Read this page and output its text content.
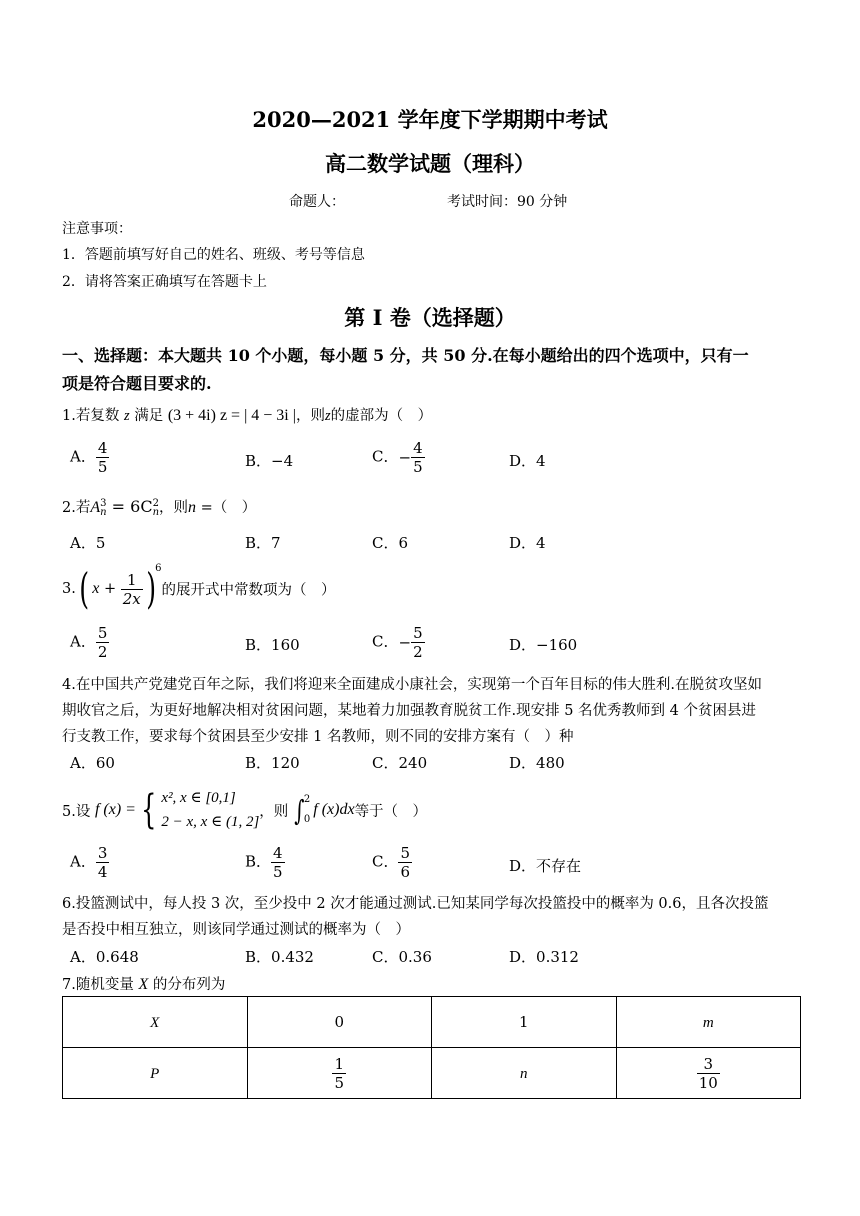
2020—2021 学年度下学期期中考试
高二数学试题（理科）
命题人：	考试时间：90 分钟
注意事项：
1．答题前填写好自己的姓名、班级、考号等信息
2．请将答案正确填写在答题卡上
第 I 卷（选择题）
一、选择题：本大题共 10 个小题，每小题 5 分，共 50 分.在每小题给出的四个选项中，只有一
项是符合题目要求的.
1.若复数 z 满足 (3 + 4i) z = | 4 − 3i |，则z的虚部为（　）
A． $\frac{4}{5}$	B．−4	C．− $\frac{4}{5}$	D．4
2.若A 3
n = 6C 2
n ，则n =（　）
A．5	B．7	C．6	D．4
3.( $x + \frac{1}{2x} )^6$的展开式中常数项为（　）
A． $\frac{5}{2}$	B．160	C．− $\frac{5}{2}$	D．−160
4.在中国共产党建党百年之际，我们将迎来全面建成小康社会，实现第一个百年目标的伟大胜利.在脱贫攻坚如
期收官之后，为更好地解决相对贫困问题，某地着力加强教育脱贫工作.现安排 5 名优秀教师到 4 个贫困县进
行支教工作，要求每个贫困县至少安排 1 名教师，则不同的安排方案有（　）种
A．60	B．120	C．240	D．480
5.设
f (x) = { x², x ∈ [0,1]
2 − x, x ∈ (1, 2]
，则 ∫ 2
0
f (x)dx 等于（　）
A． $\frac{3}{4}$	B． $\frac{4}{5}$	C． $\frac{5}{6}$	D．不存在
6.投篮测试中，每人投 3 次，至少投中 2 次才能通过测试.已知某同学每次投篮投中的概率为 0.6，且各次投篮
是否投中相互独立，则该同学通过测试的概率为（　）
A．0.648	B．0.432	C．0.36	D．0.312
7.随机变量 X 的分布列为
X	0	1	m
P	$\frac{1}{5}$	n	$\frac{3}{10}$
